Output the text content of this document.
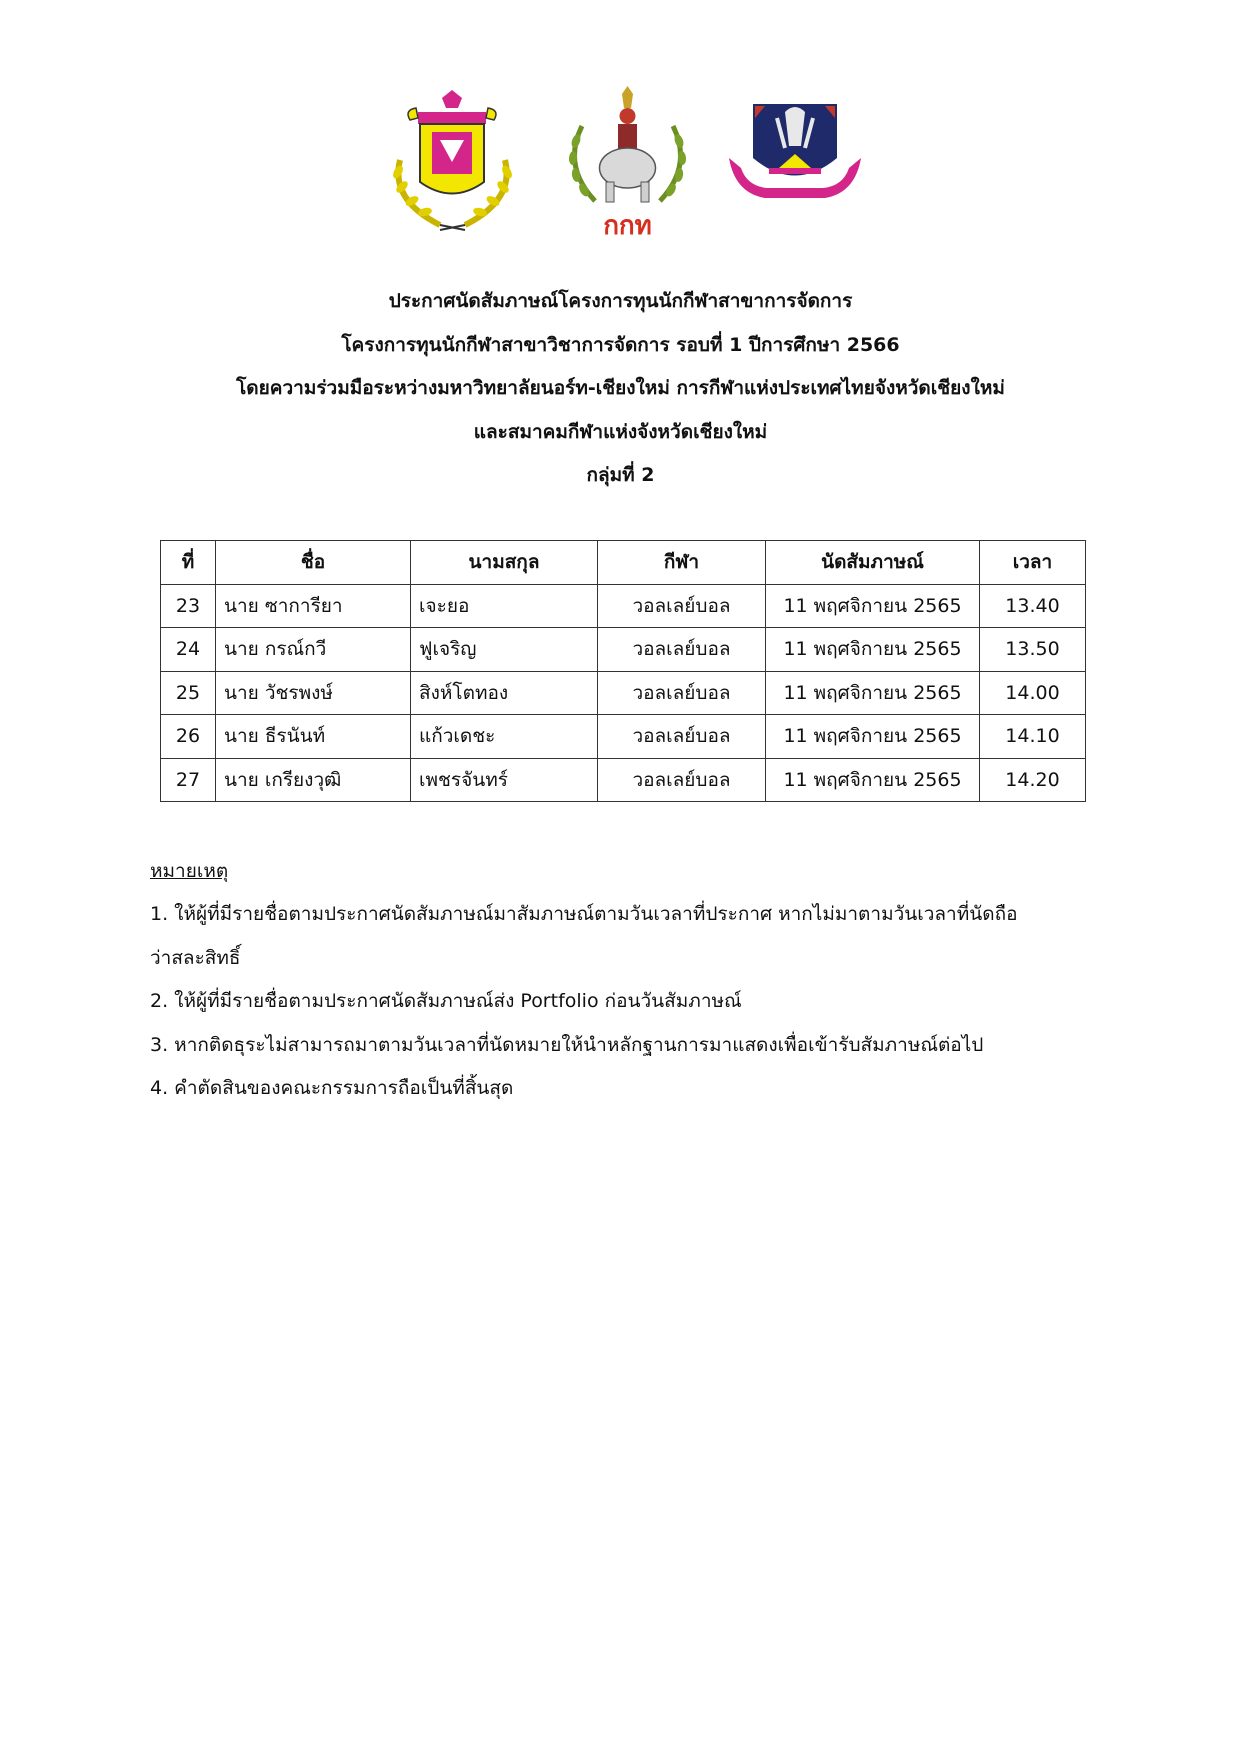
กกท
ประกาศนัดสัมภาษณ์โครงการทุนนักกีฬาสาขาการจัดการ
โครงการทุนนักกีฬาสาขาวิชาการจัดการ รอบที่ 1 ปีการศึกษา 2566
โดยความร่วมมือระหว่างมหาวิทยาลัยนอร์ท-เชียงใหม่ การกีฬาแห่งประเทศไทยจังหวัดเชียงใหม่
และสมาคมกีฬาแห่งจังหวัดเชียงใหม่
กลุ่มที่ 2
ที่	ชื่อ	นามสกุล	กีฬา	นัดสัมภาษณ์	เวลา
23	นาย ซาการียา	เจะยอ	วอลเลย์บอล	11 พฤศจิกายน 2565	13.40
24	นาย กรณ์กวี	ฟูเจริญ	วอลเลย์บอล	11 พฤศจิกายน 2565	13.50
25	นาย วัชรพงษ์	สิงห์โตทอง	วอลเลย์บอล	11 พฤศจิกายน 2565	14.00
26	นาย ธีรนันท์	แก้วเดชะ	วอลเลย์บอล	11 พฤศจิกายน 2565	14.10
27	นาย เกรียงวุฒิ	เพชรจันทร์	วอลเลย์บอล	11 พฤศจิกายน 2565	14.20
หมายเหตุ
1. ให้ผู้ที่มีรายชื่อตามประกาศนัดสัมภาษณ์มาสัมภาษณ์ตามวันเวลาที่ประกาศ หากไม่มาตามวันเวลาที่นัดถือ
ว่าสละสิทธิ์
2. ให้ผู้ที่มีรายชื่อตามประกาศนัดสัมภาษณ์ส่ง Portfolio ก่อนวันสัมภาษณ์
3. หากติดธุระไม่สามารถมาตามวันเวลาที่นัดหมายให้นำหลักฐานการมาแสดงเพื่อเข้ารับสัมภาษณ์ต่อไป
4. คำตัดสินของคณะกรรมการถือเป็นที่สิ้นสุด
